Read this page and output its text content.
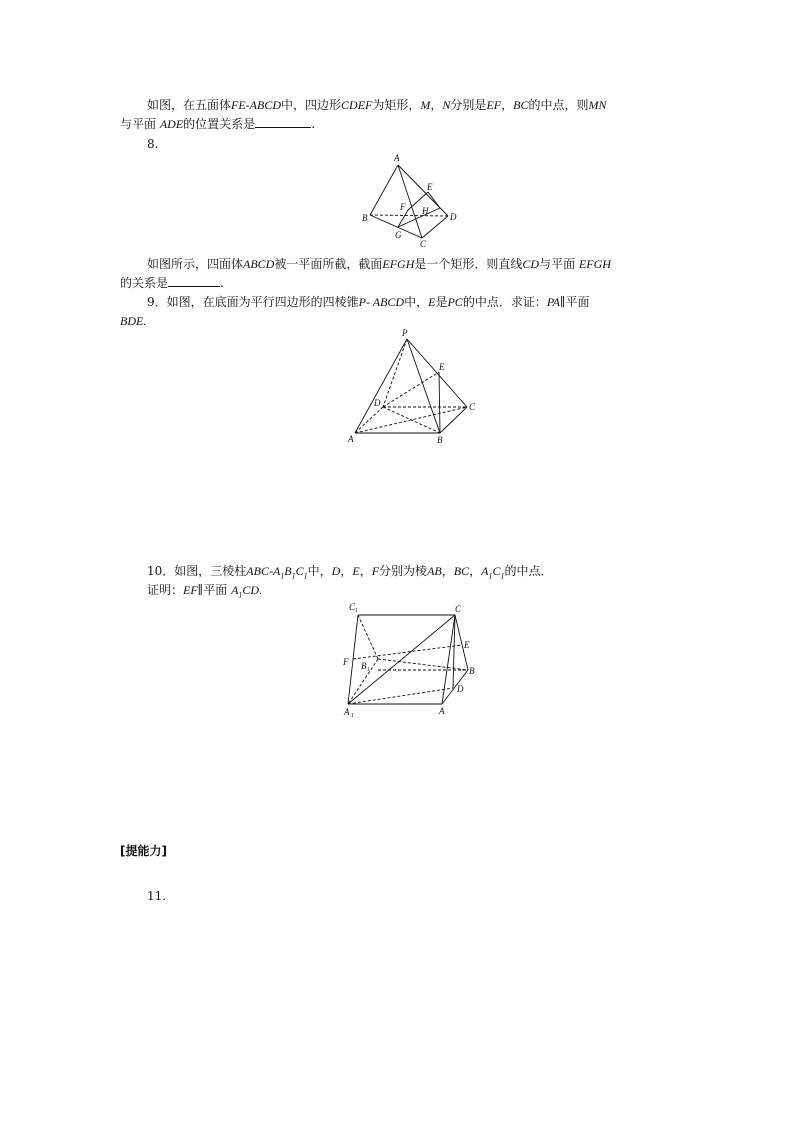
如图，在五面体FE-ABCD中，四边形CDEF为矩形，M，N分别是EF，BC的中点，则MN
与平面 ADE的位置关系是	.
8.
A
B
C
D
E
F
G
H
如图所示，四面体ABCD被一平面所截，截面EFGH是一个矩形．则直线CD与平面 EFGH
的关系是	.
9．如图，在底面为平行四边形的四棱锥P- ABCD中，E是PC的中点．求证：PA∥平面
BDE.
P
E
D	C
A	B
10．如图，三棱柱ABC-$A_1B_1C_1$中，D，E，F分别为棱AB，BC，$A_1C_1$的中点．
证明：EF∥平面 $A_1CD$.
C 1	C
E
F B 1	B
D
A 1	A
[提能力]
11.
